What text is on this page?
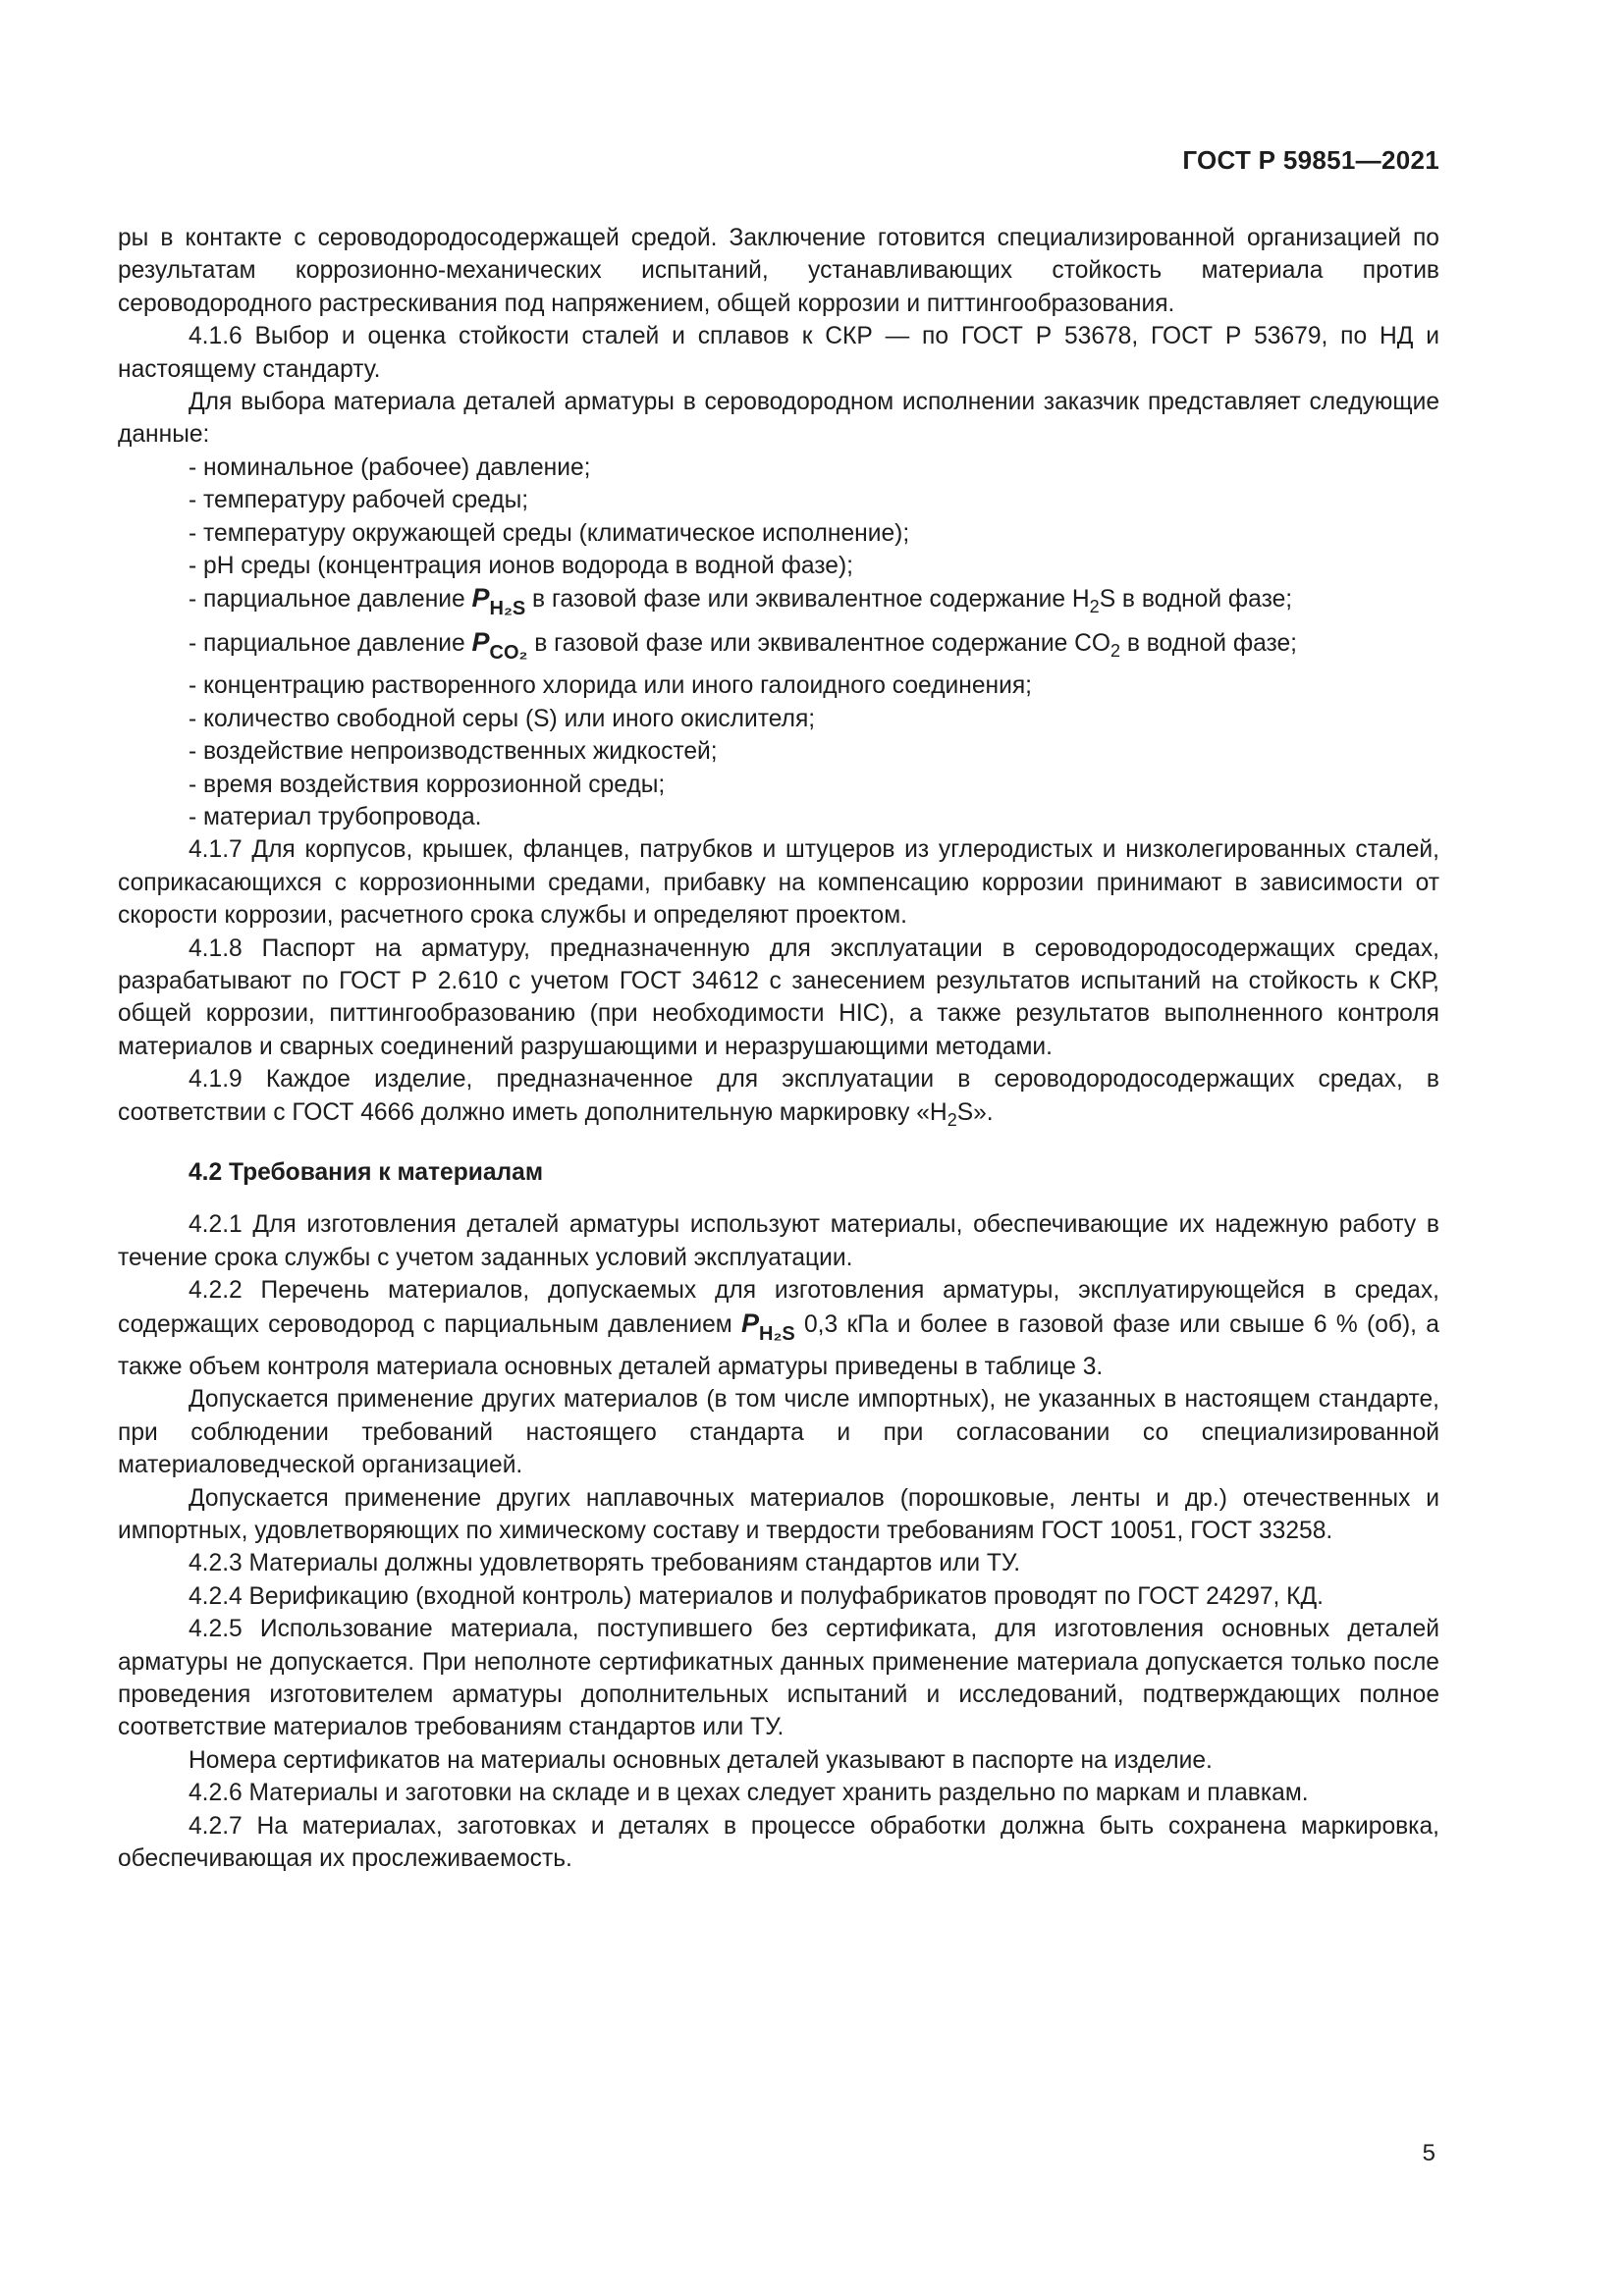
ГОСТ Р 59851—2021

ры в контакте с сероводородосодержащей средой. Заключение готовится специализированной организацией по результатам коррозионно-механических испытаний, устанавливающих стойкость материала против сероводородного растрескивания под напряжением, общей коррозии и питтингообразования.

4.1.6 Выбор и оценка стойкости сталей и сплавов к СКР — по ГОСТ Р 53678, ГОСТ Р 53679, по НД и настоящему стандарту.

Для выбора материала деталей арматуры в сероводородном исполнении заказчик представляет следующие данные:

- номинальное (рабочее) давление;

- температуру рабочей среды;

- температуру окружающей среды (климатическое исполнение);

- pH среды (концентрация ионов водорода в водной фазе);

- парциальное давление $P_{H_2S}$ в газовой фазе или эквивалентное содержание $H_2S$ в водной фазе;

- парциальное давление $P_{CO_2}$ в газовой фазе или эквивалентное содержание $CO_2$ в водной фазе;

- концентрацию растворенного хлорида или иного галоидного соединения;

- количество свободной серы (S) или иного окислителя;

- воздействие непроизводственных жидкостей;

- время воздействия коррозионной среды;

- материал трубопровода.

4.1.7 Для корпусов, крышек, фланцев, патрубков и штуцеров из углеродистых и низколегированных сталей, соприкасающихся с коррозионными средами, прибавку на компенсацию коррозии принимают в зависимости от скорости коррозии, расчетного срока службы и определяют проектом.

4.1.8 Паспорт на арматуру, предназначенную для эксплуатации в сероводородосодержащих средах, разрабатывают по ГОСТ Р 2.610 с учетом ГОСТ 34612 с занесением результатов испытаний на стойкость к СКР, общей коррозии, питтингообразованию (при необходимости HIC), а также результатов выполненного контроля материалов и сварных соединений разрушающими и неразрушающими методами.

4.1.9 Каждое изделие, предназначенное для эксплуатации в сероводородосодержащих средах, в соответствии с ГОСТ 4666 должно иметь дополнительную маркировку «$H_2S$».

4.2 Требования к материалам

4.2.1 Для изготовления деталей арматуры используют материалы, обеспечивающие их надежную работу в течение срока службы с учетом заданных условий эксплуатации.

4.2.2 Перечень материалов, допускаемых для изготовления арматуры, эксплуатирующейся в средах, содержащих сероводород с парциальным давлением $P_{H_2S}$ 0,3 кПа и более в газовой фазе или свыше 6 % (об), а также объем контроля материала основных деталей арматуры приведены в таблице 3.

Допускается применение других материалов (в том числе импортных), не указанных в настоящем стандарте, при соблюдении требований настоящего стандарта и при согласовании со специализированной материаловедческой организацией.

Допускается применение других наплавочных материалов (порошковые, ленты и др.) отечественных и импортных, удовлетворяющих по химическому составу и твердости требованиям ГОСТ 10051, ГОСТ 33258.

4.2.3 Материалы должны удовлетворять требованиям стандартов или ТУ.

4.2.4 Верификацию (входной контроль) материалов и полуфабрикатов проводят по ГОСТ 24297, КД.

4.2.5 Использование материала, поступившего без сертификата, для изготовления основных деталей арматуры не допускается. При неполноте сертификатных данных применение материала допускается только после проведения изготовителем арматуры дополнительных испытаний и исследований, подтверждающих полное соответствие материалов требованиям стандартов или ТУ.

Номера сертификатов на материалы основных деталей указывают в паспорте на изделие.

4.2.6 Материалы и заготовки на складе и в цехах следует хранить раздельно по маркам и плавкам.

4.2.7 На материалах, заготовках и деталях в процессе обработки должна быть сохранена маркировка, обеспечивающая их прослеживаемость.

5
